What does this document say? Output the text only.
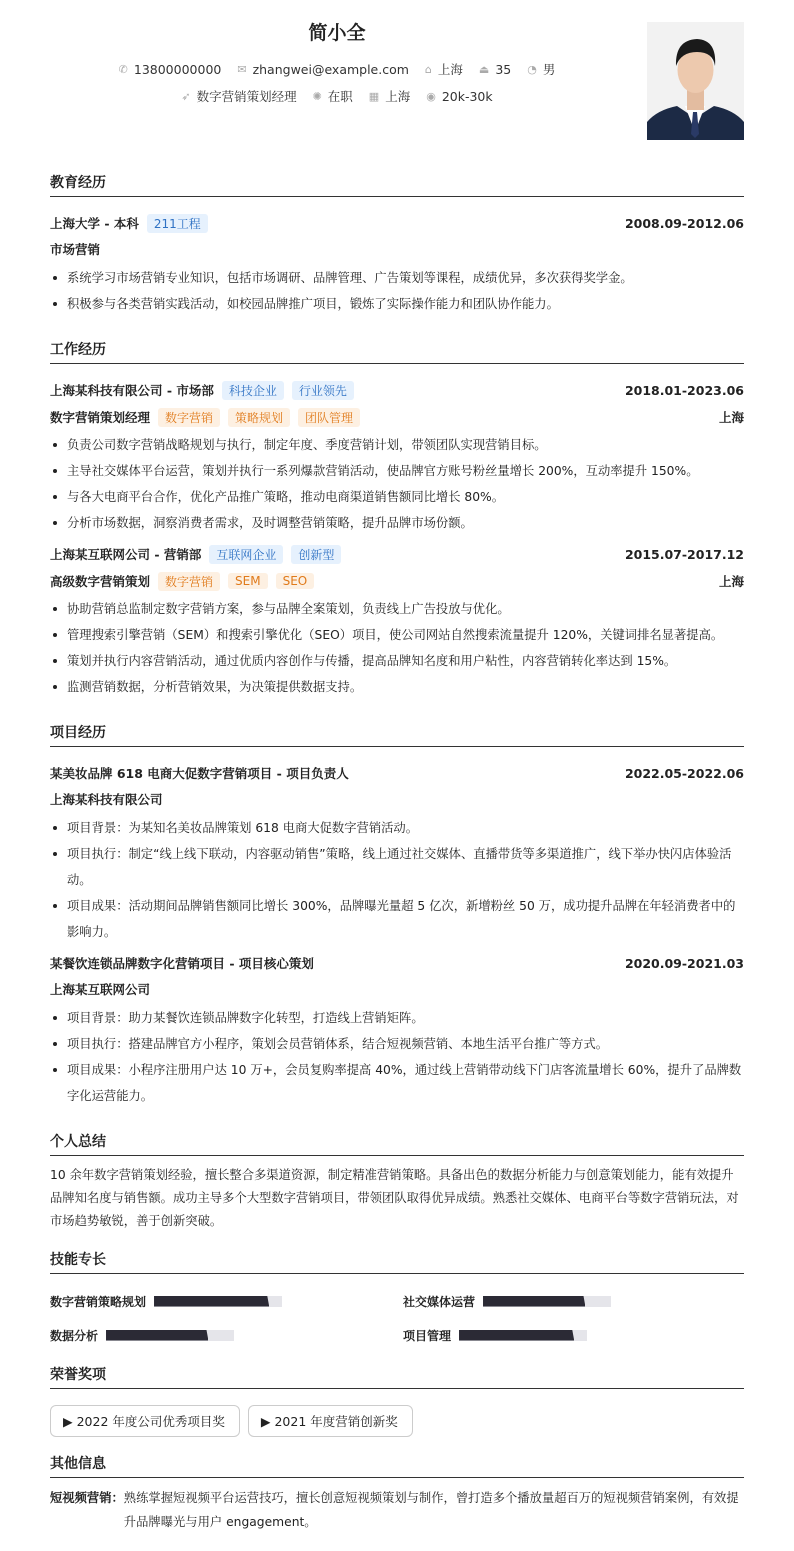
简小全
✆ 13800000000
✉ zhangwei@example.com
⌂ 上海
⏏ 35
◔ 男
➶ 数字营销策划经理
✺ 在职
▦ 上海
◉ 20k-30k
教育经历
上海大学 - 本科	211工程	2008.09-2012.06
市场营销
系统学习市场营销专业知识，包括市场调研、品牌管理、广告策划等课程，成绩优异，多次获得奖学金。
积极参与各类营销实践活动，如校园品牌推广项目，锻炼了实际操作能力和团队协作能力。
工作经历
上海某科技有限公司 - 市场部	科技企业	行业领先	2018.01-2023.06
数字营销策划经理	数字营销	策略规划	团队管理	上海
负责公司数字营销战略规划与执行，制定年度、季度营销计划，带领团队实现营销目标。
主导社交媒体平台运营，策划并执行一系列爆款营销活动，使品牌官方账号粉丝量增长 200%，互动率提升 150%。
与各大电商平台合作，优化产品推广策略，推动电商渠道销售额同比增长 80%。
分析市场数据，洞察消费者需求，及时调整营销策略，提升品牌市场份额。
上海某互联网公司 - 营销部	互联网企业	创新型	2015.07-2017.12
高级数字营销策划	数字营销	SEM	SEO	上海
协助营销总监制定数字营销方案，参与品牌全案策划，负责线上广告投放与优化。
管理搜索引擎营销（SEM）和搜索引擎优化（SEO）项目，使公司网站自然搜索流量提升 120%，关键词排名显著提高。
策划并执行内容营销活动，通过优质内容创作与传播，提高品牌知名度和用户粘性，内容营销转化率达到 15%。
监测营销数据，分析营销效果，为决策提供数据支持。
项目经历
某美妆品牌 618 电商大促数字营销项目 - 项目负责人	2022.05-2022.06
上海某科技有限公司
项目背景：为某知名美妆品牌策划 618 电商大促数字营销活动。
项目执行：制定“线上线下联动，内容驱动销售”策略，线上通过社交媒体、直播带货等多渠道推广，线下举办快闪店体验活动。
项目成果：活动期间品牌销售额同比增长 300%，品牌曝光量超 5 亿次，新增粉丝 50 万，成功提升品牌在年轻消费者中的影响力。
某餐饮连锁品牌数字化营销项目 - 项目核心策划	2020.09-2021.03
上海某互联网公司
项目背景：助力某餐饮连锁品牌数字化转型，打造线上营销矩阵。
项目执行：搭建品牌官方小程序，策划会员营销体系，结合短视频营销、本地生活平台推广等方式。
项目成果：小程序注册用户达 10 万+，会员复购率提高 40%，通过线上营销带动线下门店客流量增长 60%，提升了品牌数字化运营能力。
个人总结

10 余年数字营销策划经验，擅长整合多渠道资源，制定精准营销策略。具备出色的数据分析能力与创意策划能力，能有效提升品牌知名度与销售额。成功主导多个大型数字营销项目，带领团队取得优异成绩。熟悉社交媒体、电商平台等数字营销玩法，对市场趋势敏锐，善于创新突破。

技能专长
数字营销策略规划	社交媒体运营
数据分析	项目管理
荣誉奖项
▶ 2022 年度公司优秀项目奖	▶ 2021 年度营销创新奖
其他信息
短视频营销： 熟练掌握短视频平台运营技巧，擅长创意短视频策划与制作，曾打造多个播放量超百万的短视频营销案例，有效提升品牌曝光与用户 engagement。
